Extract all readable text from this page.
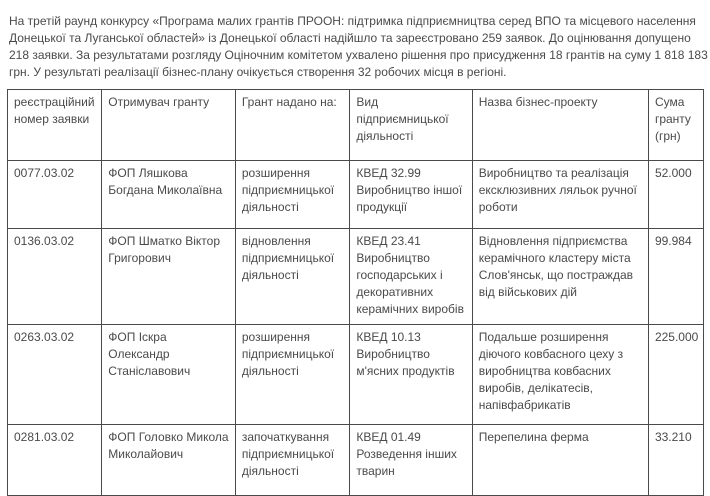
На третій раунд конкурсу «Програма малих грантів ПРООН: підтримка підприємництва серед ВПО та місцевого населення Донецької та Луганської областей» із Донецької області надійшло та зареєстровано 259 заявок. До оцінювання допущено 218 заявки. За результатами розгляду Оціночним комітетом ухвалено рішення про присудження 18 грантів на суму 1 818 183 грн. У результаті реалізації бізнес-плану очікується створення 32 робочих місця в регіоні.

реєстраційний номер заявки	Отримувач гранту	Грант надано на:	Вид підприємницької діяльності	Назва бізнес-проекту	Сума гранту (грн)
0077.03.02	ФОП Ляшкова Богдана Миколаївна	розширення підприємницької діяльності	КВЕД 32.99 Виробництво іншої продукції	Виробництво та реалізація ексклюзивних ляльок ручної роботи	52.000
0136.03.02	ФОП Шматко Віктор Григорович	відновлення підприємницької діяльності	КВЕД 23.41 Виробництво господарських і декоративних керамічних виробів	Відновлення підприємства керамічного кластеру міста Слов'янськ, що постраждав від військових дій	99.984
0263.03.02	ФОП Іскра Олександр Станіславович	розширення підприємницької діяльності	КВЕД 10.13 Виробництво м'ясних продуктів	Подальше розширення діючого ковбасного цеху з виробництва ковбасних виробів, делікатесів, напівфабрикатів	225.000
0281.03.02	ФОП Головко Микола Миколайович	започаткування підприємницької діяльності	КВЕД 01.49 Розведення інших тварин	Перепелина ферма	33.210
